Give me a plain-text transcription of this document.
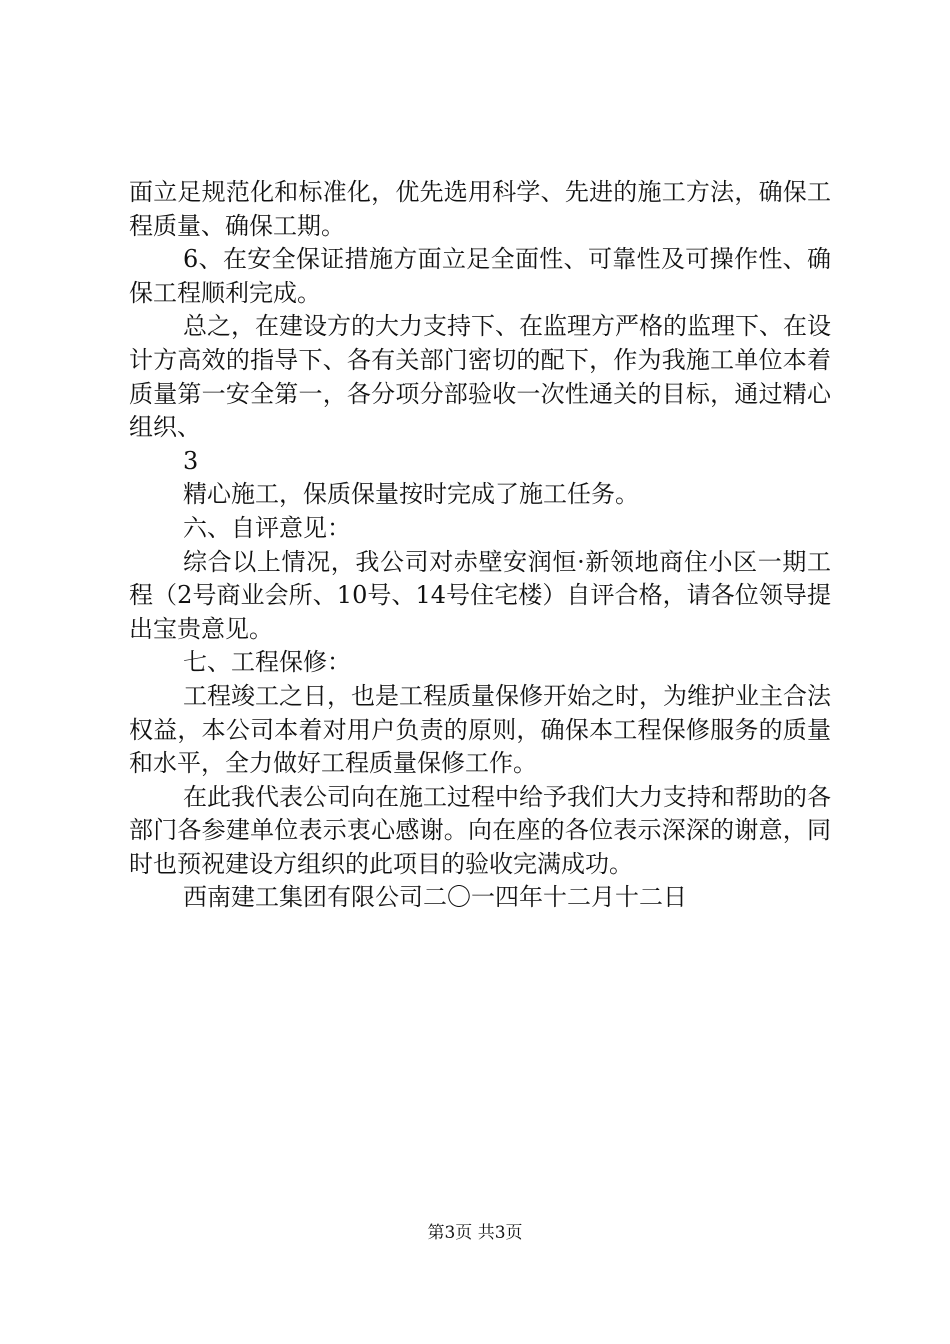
面立足规范化和标准化，优先选用科学、先进的施工方法，确保工程质量、确保工期。

6、在安全保证措施方面立足全面性、可靠性及可操作性、确保工程顺利完成。

总之，在建设方的大力支持下、在监理方严格的监理下、在设计方高效的指导下、各有关部门密切的配下，作为我施工单位本着质量第一安全第一，各分项分部验收一次性通关的目标，通过精心组织、

3

精心施工，保质保量按时完成了施工任务。

六、自评意见：

综合以上情况，我公司对赤壁安润恒·新领地商住小区一期工程（2号商业会所、10号、14号住宅楼）自评合格，请各位领导提出宝贵意见。

七、工程保修：

工程竣工之日，也是工程质量保修开始之时，为维护业主合法权益，本公司本着对用户负责的原则，确保本工程保修服务的质量和水平，全力做好工程质量保修工作。

在此我代表公司向在施工过程中给予我们大力支持和帮助的各部门各参建单位表示衷心感谢。向在座的各位表示深深的谢意，同时也预祝建设方组织的此项目的验收完满成功。

西南建工集团有限公司二〇一四年十二月十二日

第3页 共3页
